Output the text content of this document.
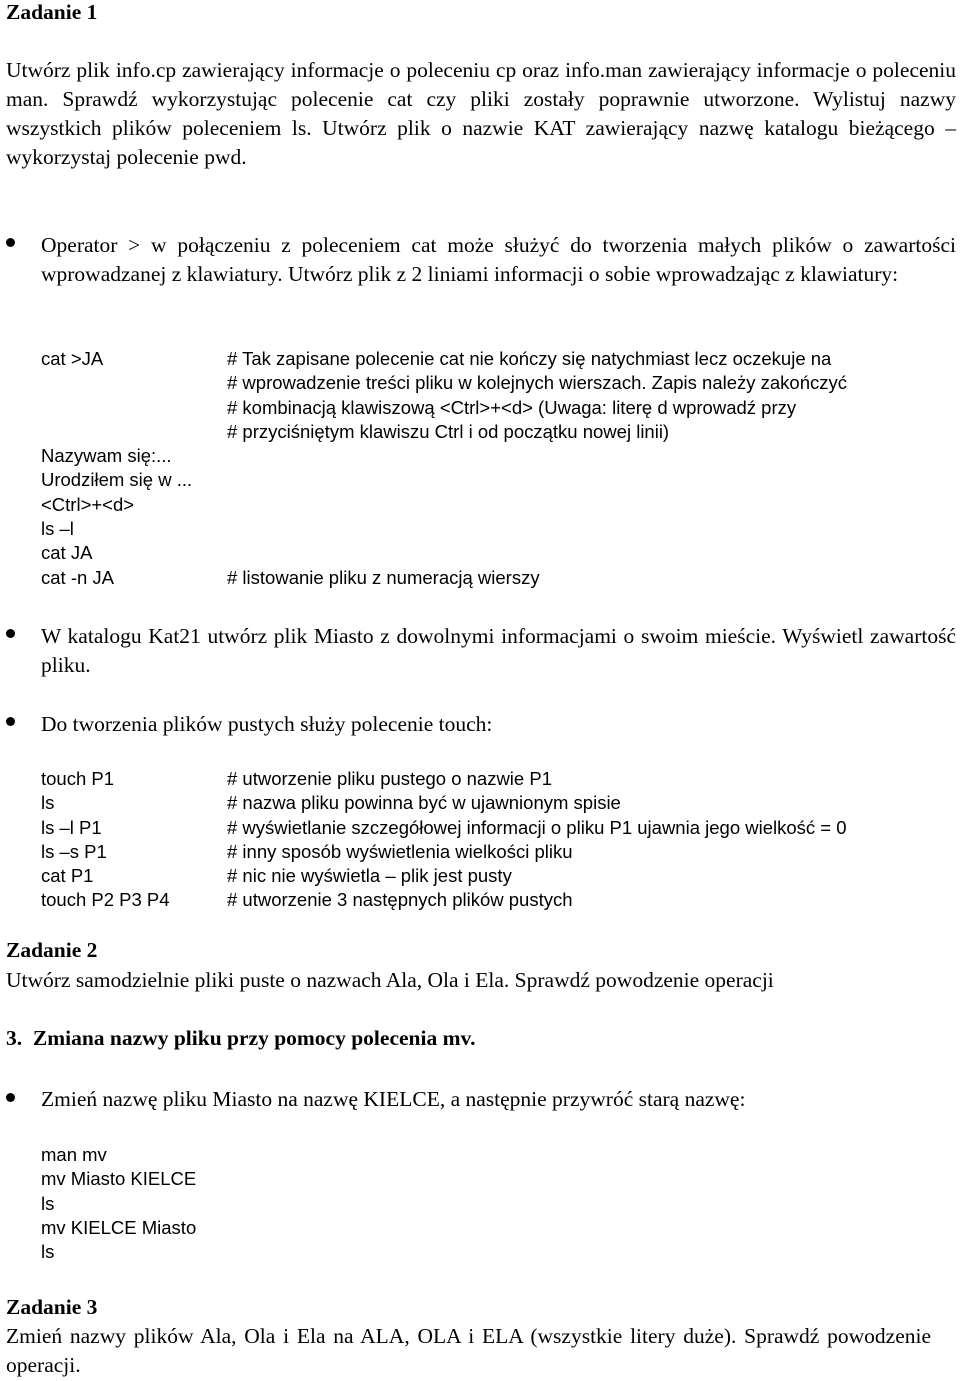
Zadanie 1
Utwórz plik info.cp zawierający informacje o poleceniu cp oraz info.man zawierający informacje o poleceniu man. Sprawdź wykorzystując polecenie cat czy pliki zostały poprawnie utworzone. Wylistuj nazwy wszystkich plików poleceniem ls. Utwórz plik o nazwie KAT zawierający nazwę katalogu bieżącego – wykorzystaj polecenie pwd.
Operator > w połączeniu z poleceniem cat może służyć do tworzenia małych plików o zawartości wprowadzanej z klawiatury. Utwórz plik z 2 liniami informacji o sobie wprowadzając z klawiatury:
cat >JA	# Tak zapisane polecenie cat nie kończy się natychmiast lecz oczekuje na
# wprowadzenie treści pliku w kolejnych wierszach. Zapis należy zakończyć
# kombinacją klawiszową <Ctrl>+<d> (Uwaga: literę d wprowadź przy
# przyciśniętym klawiszu Ctrl i od początku nowej linii)
Nazywam się:...
Urodziłem się w ...
<Ctrl>+<d>
ls –l
cat JA
cat -n JA	# listowanie pliku z numeracją wierszy
W katalogu Kat21 utwórz plik Miasto z dowolnymi informacjami o swoim mieście. Wyświetl zawartość pliku.
Do tworzenia plików pustych służy polecenie touch:
touch P1	# utworzenie pliku pustego o nazwie P1
ls	# nazwa pliku powinna być w ujawnionym spisie
ls –l P1	# wyświetlanie szczegółowej informacji o pliku P1 ujawnia jego wielkość = 0
ls –s P1	# inny sposób wyświetlenia wielkości pliku
cat P1	# nic nie wyświetla – plik jest pusty
touch P2 P3 P4	# utworzenie 3 następnych plików pustych
Zadanie 2
Utwórz samodzielnie pliki puste o nazwach Ala, Ola i Ela. Sprawdź powodzenie operacji
3.  Zmiana nazwy pliku przy pomocy polecenia mv.
Zmień nazwę pliku Miasto na nazwę KIELCE, a następnie przywróć starą nazwę:
man mv
mv Miasto KIELCE
ls
mv KIELCE Miasto
ls
Zadanie 3
Zmień nazwy plików Ala, Ola i Ela na ALA, OLA i ELA (wszystkie litery duże). Sprawdź powodzenie operacji.
